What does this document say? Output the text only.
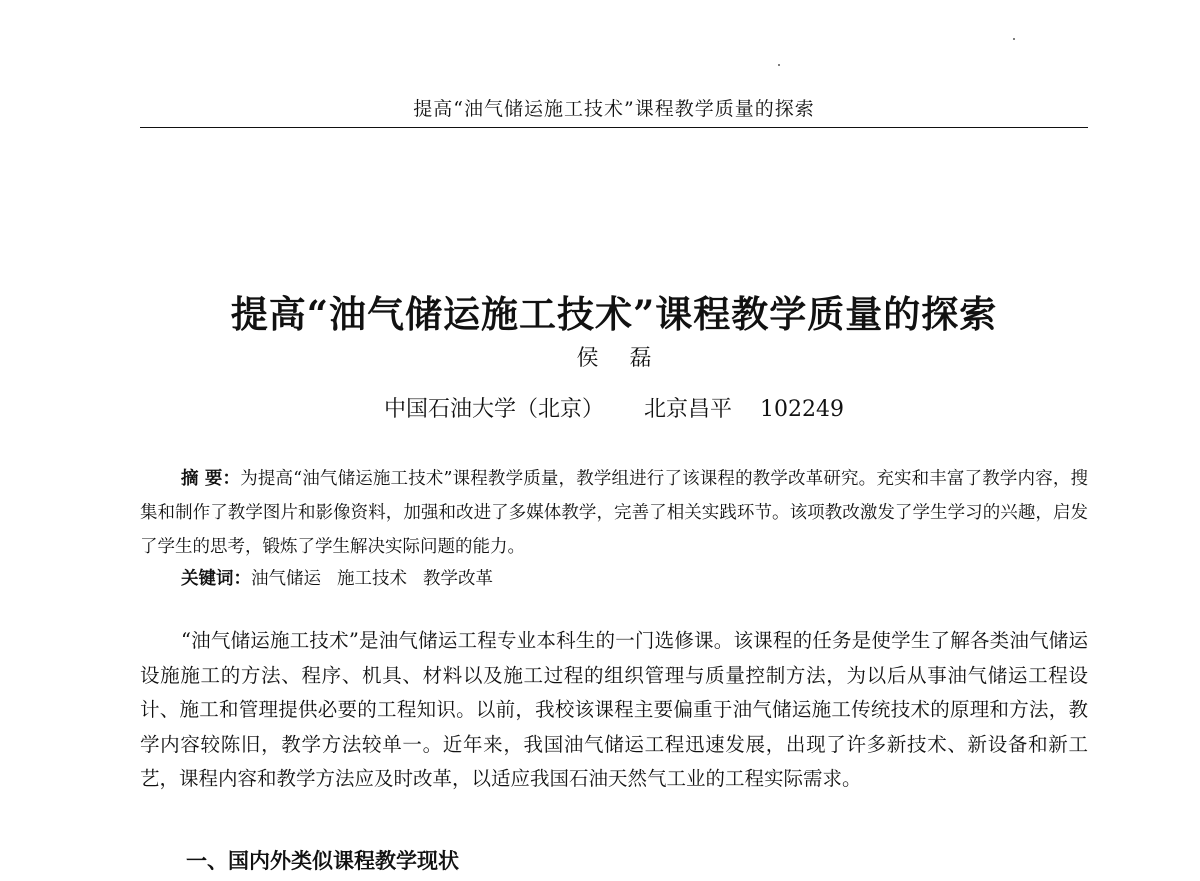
提高“油气储运施工技术”课程教学质量的探索
提高“油气储运施工技术”课程教学质量的探索
侯 磊
中国石油大学（北京） 北京昌平 102249
摘 要：为提高“油气储运施工技术”课程教学质量，教学组进行了该课程的教学改革研究。充实和丰富了教学内容，搜集和制作了教学图片和影像资料，加强和改进了多媒体教学，完善了相关实践环节。该项教改激发了学生学习的兴趣，启发了学生的思考，锻炼了学生解决实际问题的能力。
关键词：油气储运 施工技术 教学改革
“油气储运施工技术”是油气储运工程专业本科生的一门选修课。该课程的任务是使学生了解各类油气储运设施施工的方法、程序、机具、材料以及施工过程的组织管理与质量控制方法，为以后从事油气储运工程设计、施工和管理提供必要的工程知识。以前，我校该课程主要偏重于油气储运施工传统技术的原理和方法，教学内容较陈旧，教学方法较单一。近年来，我国油气储运工程迅速发展，出现了许多新技术、新设备和新工艺，课程内容和教学方法应及时改革，以适应我国石油天然气工业的工程实际需求。
一、国内外类似课程教学现状
